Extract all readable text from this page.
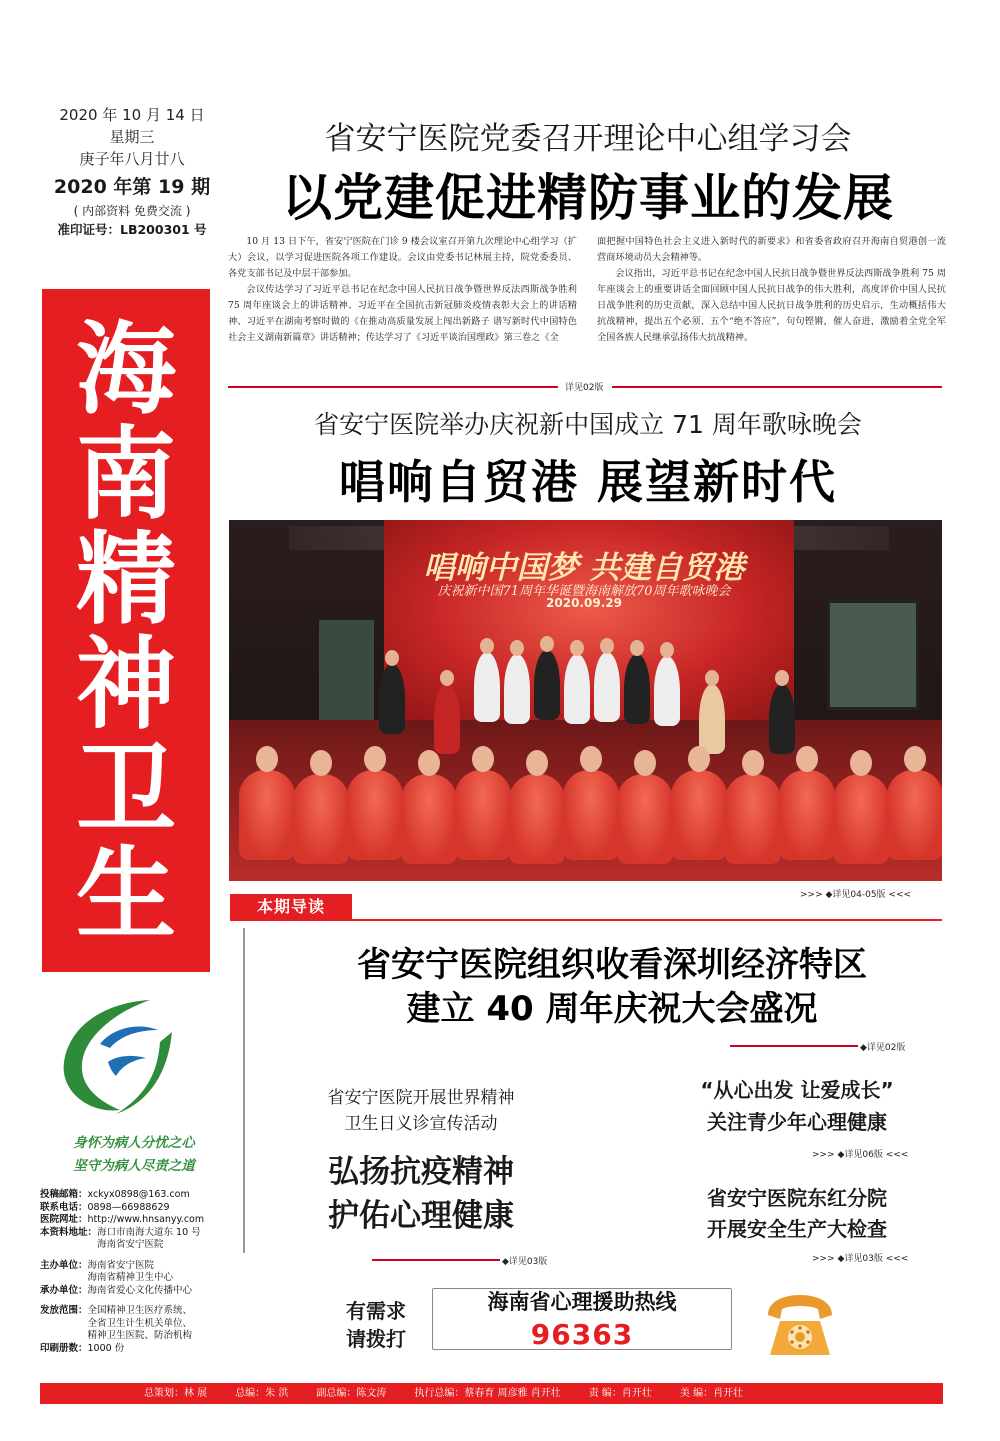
2020 年 10 月 14 日
星期三
庚子年八月廿八
2020 年第 19 期
( 内部资料 免费交流 )
准印证号：LB200301 号
海
南
精
神
卫
生
身怀为病人分忧之心
坚守为病人尽责之道
投稿邮箱： xckyx0898@163.com
联系电话： 0898—66988629
医院网址： http://www.hnsanyy.com
本资料地址： 海口市南海大道东 10 号
海南省安宁医院
主办单位： 海南省安宁医院
海南省精神卫生中心
承办单位： 海南省爱心文化传播中心
发放范围： 全国精神卫生医疗系统、
全省卫生计生机关单位、
精神卫生医院、防治机构
印刷册数： 1000 份
省安宁医院党委召开理论中心组学习会
以党建促进精防事业的发展

10 月 13 日下午，省安宁医院在门诊 9 楼会议室召开第九次理论中心组学习（扩大）会议，以学习促进医院各项工作建设。会议由党委书记林展主持，院党委委员、各党支部书记及中层干部参加。

会议传达学习了习近平总书记在纪念中国人民抗日战争暨世界反法西斯战争胜利 75 周年座谈会上的讲话精神、习近平在全国抗击新冠肺炎疫情表彰大会上的讲话精神、习近平在湖南考察时做的《在推动高质量发展上闯出新路子 谱写新时代中国特色社会主义湖南新篇章》讲话精神；传达学习了《习近平谈治国理政》第三卷之《全

面把握中国特色社会主义进入新时代的新要求》和省委省政府召开海南自贸港创一流营商环境动员大会精神等。

会议指出，习近平总书记在纪念中国人民抗日战争暨世界反法西斯战争胜利 75 周年座谈会上的重要讲话全面回顾中国人民抗日战争的伟大胜利，高度评价中国人民抗日战争胜利的历史贡献，深入总结中国人民抗日战争胜利的历史启示，生动概括伟大抗战精神，提出五个必须、五个“绝不答应”，句句铿锵，催人奋进，激励着全党全军全国各族人民继承弘扬伟大抗战精神。

详见02版
省安宁医院举办庆祝新中国成立 71 周年歌咏晚会
唱响自贸港 展望新时代
唱响中国梦 共建自贸港
庆祝新中国71周年华诞暨海南解放70周年歌咏晚会
2020.09.29
>>> ◆详见04-05版 <<<
本期导读
省安宁医院组织收看深圳经济特区
建立 40 周年庆祝大会盛况
◆详见02版
省安宁医院开展世界精神
卫生日义诊宣传活动
弘扬抗疫精神
护佑心理健康
◆详见03版
“从心出发 让爱成长”
关注青少年心理健康
>>> ◆详见06版 <<<
省安宁医院东红分院
开展安全生产大检查
>>> ◆详见03版 <<<
有需求
请拨打
海南省心理援助热线
96363
总策划：林 展	总编：朱 洪	副总编：陈文涛	执行总编：蔡春育 周彦雅 肖开壮	责 编：肖开壮	美 编：肖开壮
